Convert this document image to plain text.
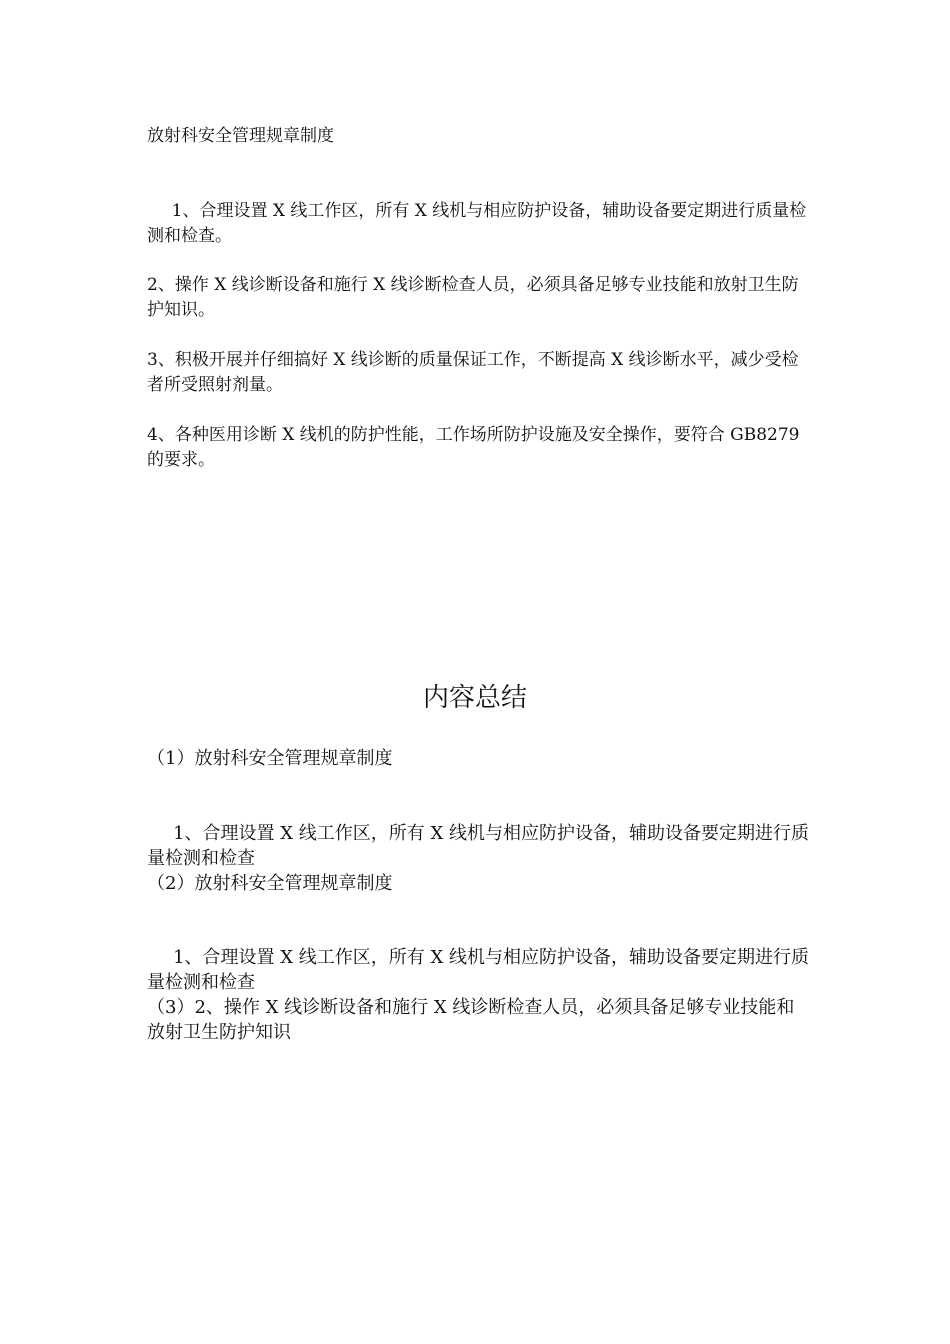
放射科安全管理规章制度

1、合理设置 X 线工作区，所有 X 线机与相应防护设备，辅助设备要定期进行质量检测和检查。

2、操作 X 线诊断设备和施行 X 线诊断检查人员，必须具备足够专业技能和放射卫生防护知识。

3、积极开展并仔细搞好 X 线诊断的质量保证工作，不断提高 X 线诊断水平，减少受检者所受照射剂量。

4、各种医用诊断 X 线机的防护性能，工作场所防护设施及安全操作，要符合 GB8279 的要求。

内容总结

（1）放射科安全管理规章制度

1、合理设置 X 线工作区，所有 X 线机与相应防护设备，辅助设备要定期进行质量检测和检查

（2）放射科安全管理规章制度

1、合理设置 X 线工作区，所有 X 线机与相应防护设备，辅助设备要定期进行质量检测和检查

（3）2、操作 X 线诊断设备和施行 X 线诊断检查人员，必须具备足够专业技能和放射卫生防护知识
